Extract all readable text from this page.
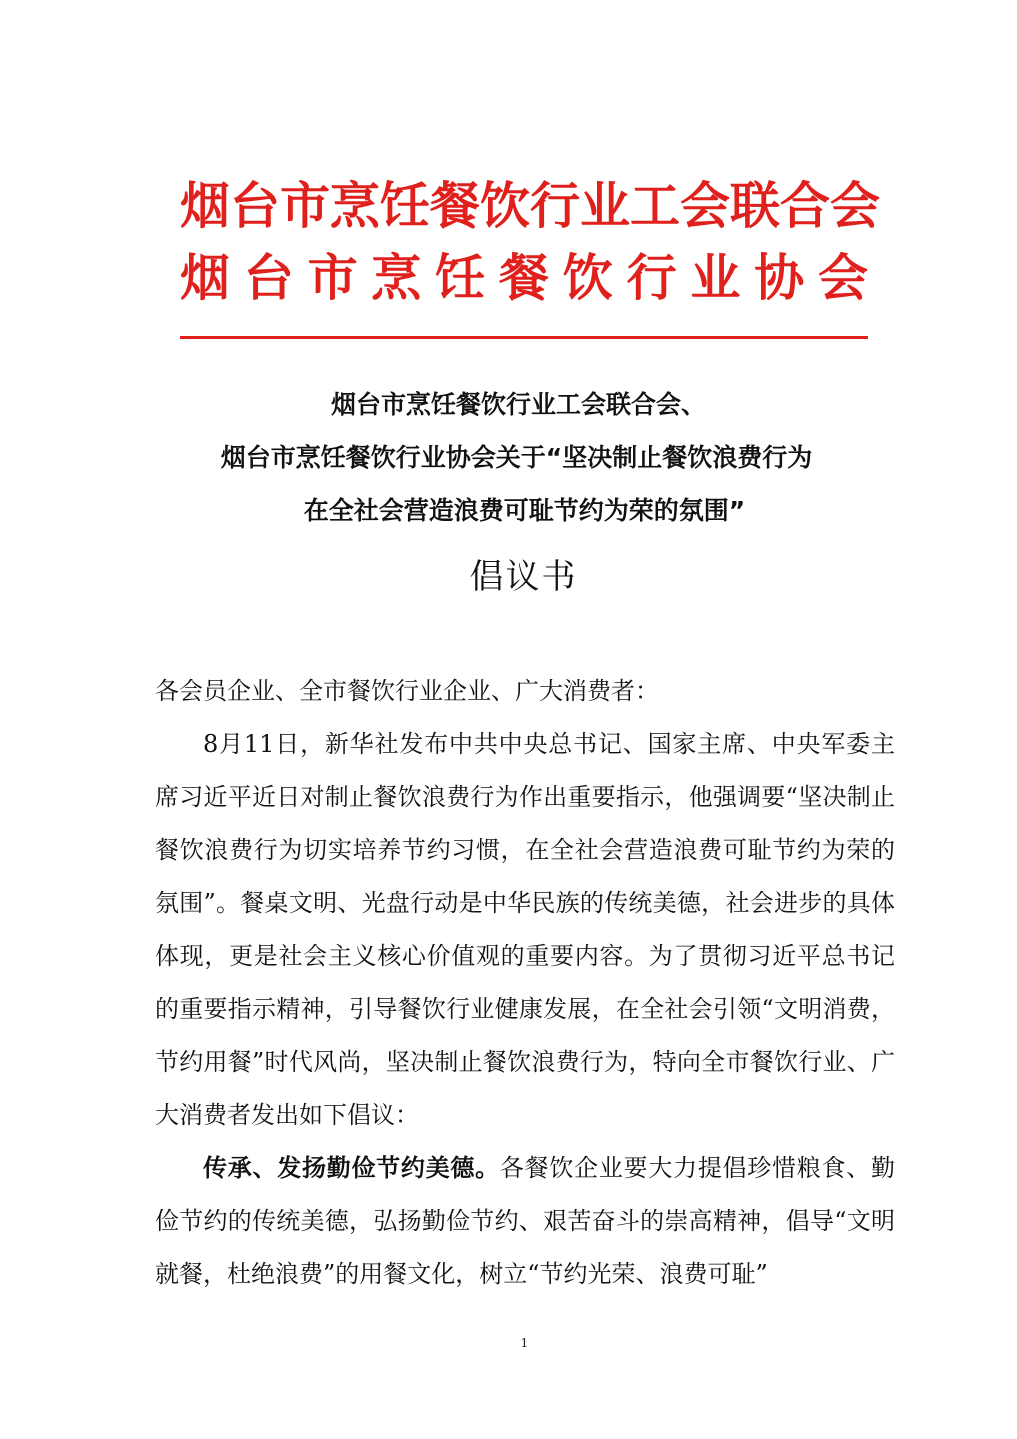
烟台市烹饪餐饮行业工会联合会
烟台市烹饪餐饮行业协会
烟台市烹饪餐饮行业工会联合会、
烟台市烹饪餐饮行业协会关于“坚决制止餐饮浪费行为
在全社会营造浪费可耻节约为荣的氛围”
倡议书

各会员企业、全市餐饮行业企业、广大消费者：

8月11日，新华社发布中共中央总书记、国家主席、中央军委主席习近平近日对制止餐饮浪费行为作出重要指示，他强调要“坚决制止餐饮浪费行为切实培养节约习惯，在全社会营造浪费可耻节约为荣的氛围”。餐桌文明、光盘行动是中华民族的传统美德，社会进步的具体体现，更是社会主义核心价值观的重要内容。为了贯彻习近平总书记的重要指示精神，引导餐饮行业健康发展，在全社会引领“文明消费，节约用餐”时代风尚，坚决制止餐饮浪费行为，特向全市餐饮行业、广大消费者发出如下倡议：

传承、发扬勤俭节约美德。各餐饮企业要大力提倡珍惜粮食、勤俭节约的传统美德，弘扬勤俭节约、艰苦奋斗的崇高精神，倡导“文明就餐，杜绝浪费”的用餐文化，树立“节约光荣、浪费可耻”

1
